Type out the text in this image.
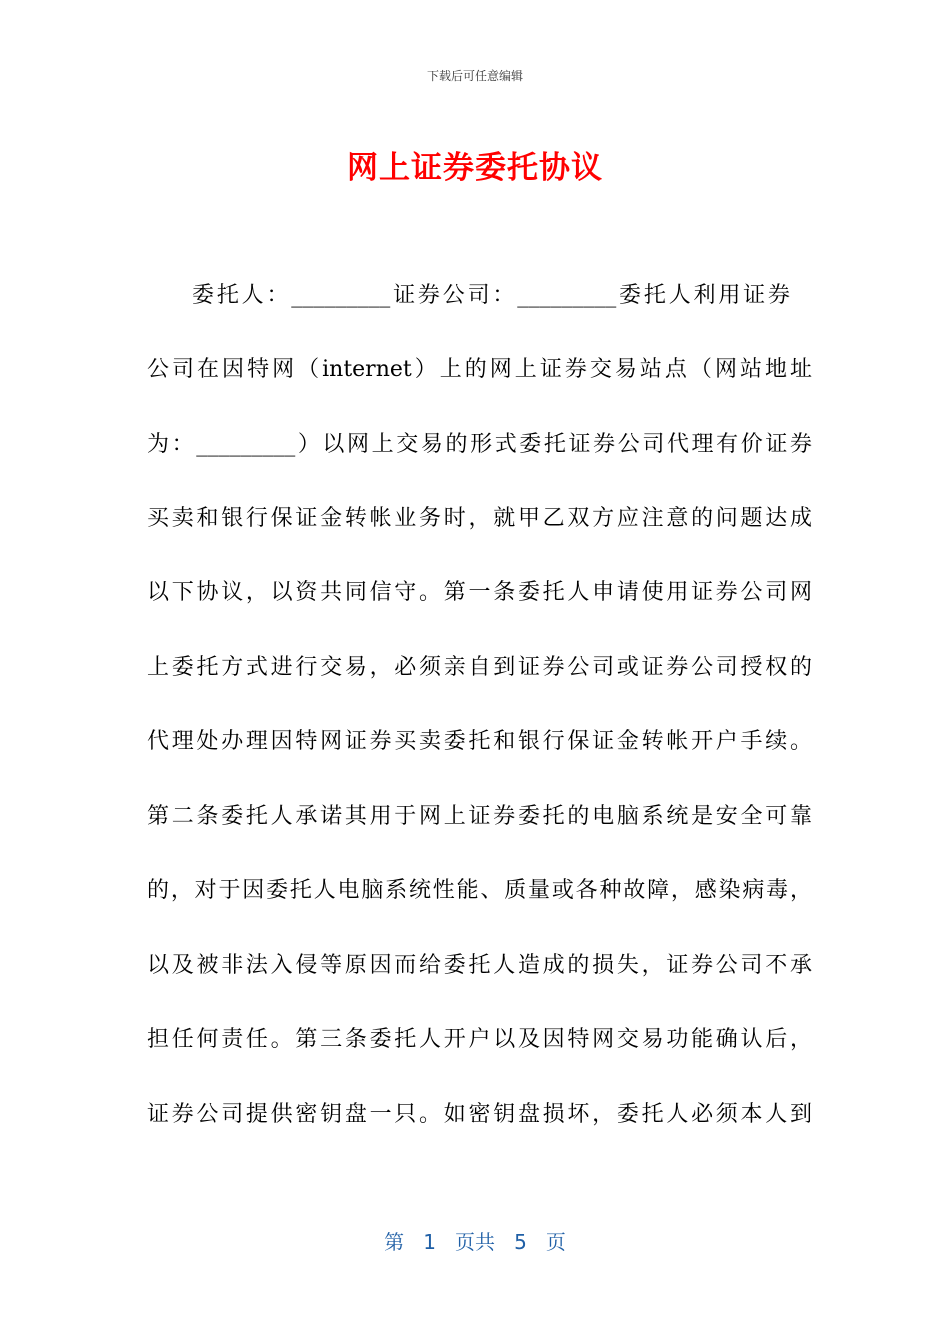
下载后可任意编辑
网上证券委托协议
委托人：_________证券公司：_________委托人利用证券
公司在因特网（internet）上的网上证券交易站点（网站地址
为：_________）以网上交易的形式委托证券公司代理有价证券
买卖和银行保证金转帐业务时，就甲乙双方应注意的问题达成
以下协议，以资共同信守。第一条委托人申请使用证券公司网
上委托方式进行交易，必须亲自到证券公司或证券公司授权的
代理处办理因特网证券买卖委托和银行保证金转帐开户手续。
第二条委托人承诺其用于网上证券委托的电脑系统是安全可靠
的，对于因委托人电脑系统性能、质量或各种故障，感染病毒，
以及被非法入侵等原因而给委托人造成的损失，证券公司不承
担任何责任。第三条委托人开户以及因特网交易功能确认后，
证券公司提供密钥盘一只。如密钥盘损坏，委托人必须本人到
第 1 页共 5 页
